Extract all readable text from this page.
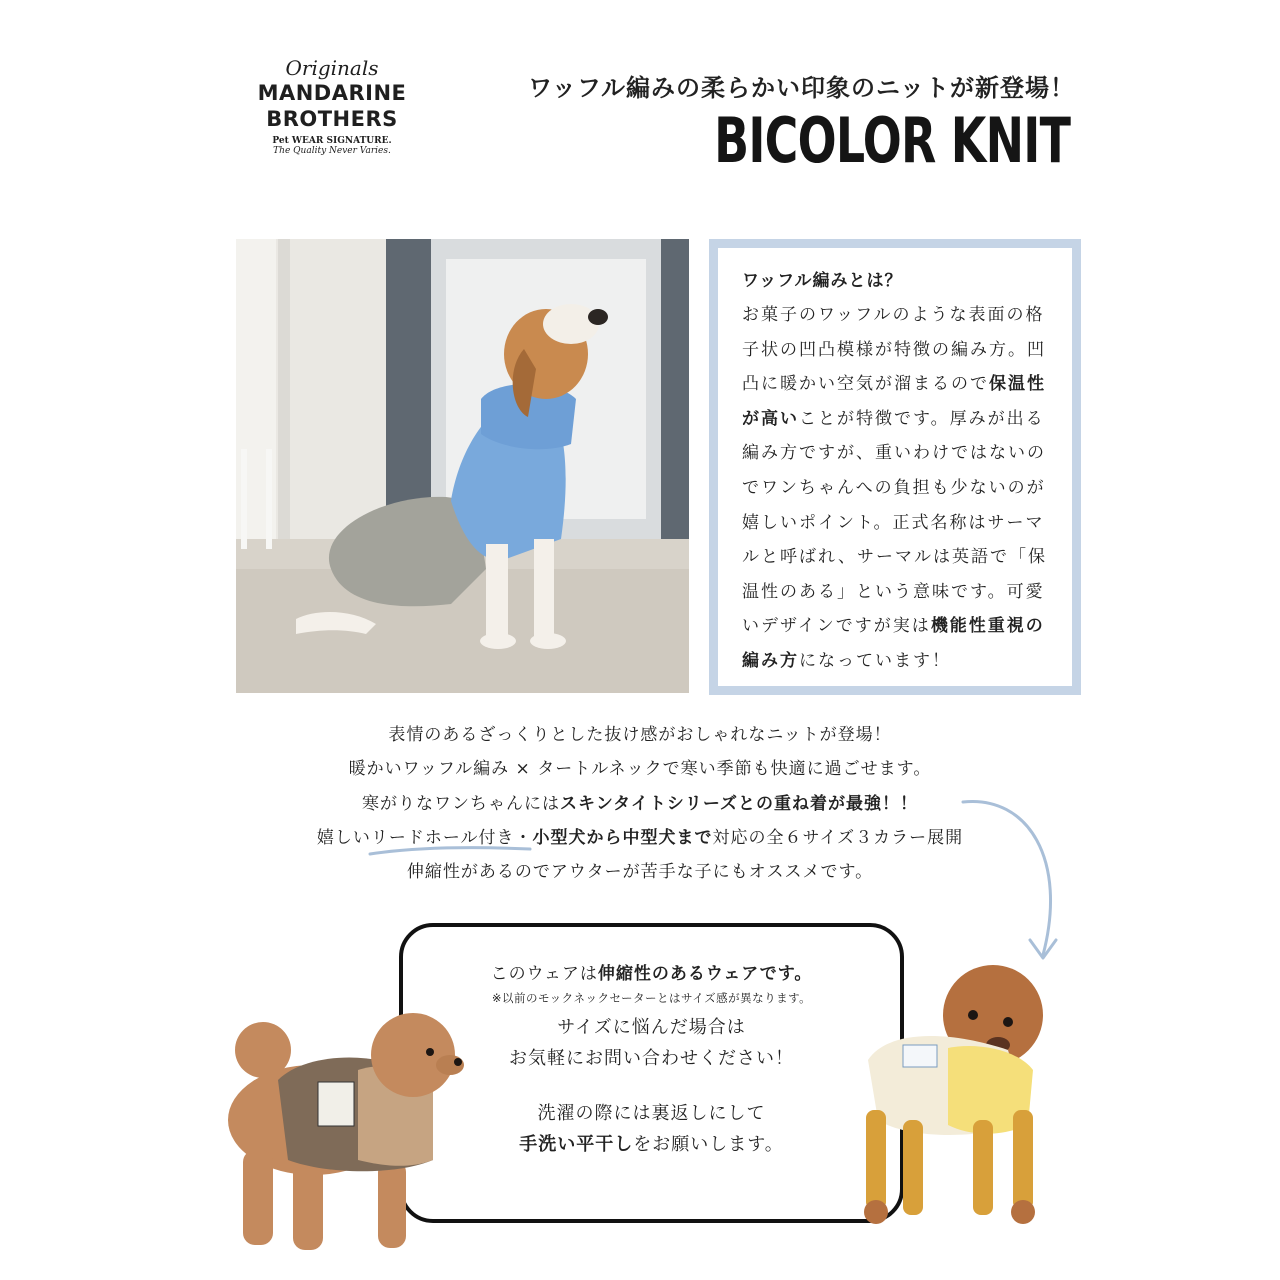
Originals
MANDARINE
BROTHERS
Pet WEAR SIGNATURE.
The Quality Never Varies.
ワッフル編みの柔らかい印象のニットが新登場！
BICOLOR KNIT
ワッフル編みとは？
お菓子のワッフルのような表面の格子状の凹凸模様が特徴の編み方。凹凸に暖かい空気が溜まるので保温性が高いことが特徴です。厚みが出る編み方ですが、重いわけではないのでワンちゃんへの負担も少ないのが嬉しいポイント。正式名称はサーマルと呼ばれ、サーマルは英語で「保温性のある」という意味です。可愛いデザインですが実は機能性重視の編み方になっています！
表情のあるざっくりとした抜け感がおしゃれなニットが登場！
暖かいワッフル編み × タートルネックで寒い季節も快適に過ごせます。
寒がりなワンちゃんにはスキンタイトシリーズとの重ね着が最強！！
嬉しいリードホール付き・小型犬から中型犬まで対応の全６サイズ３カラー展開
伸縮性があるのでアウターが苦手な子にもオススメです。
このウェアは伸縮性のあるウェアです。
※以前のモックネックセーターとはサイズ感が異なります。
サイズに悩んだ場合は
お気軽にお問い合わせください！
洗濯の際には裏返しにして
手洗い平干しをお願いします。
